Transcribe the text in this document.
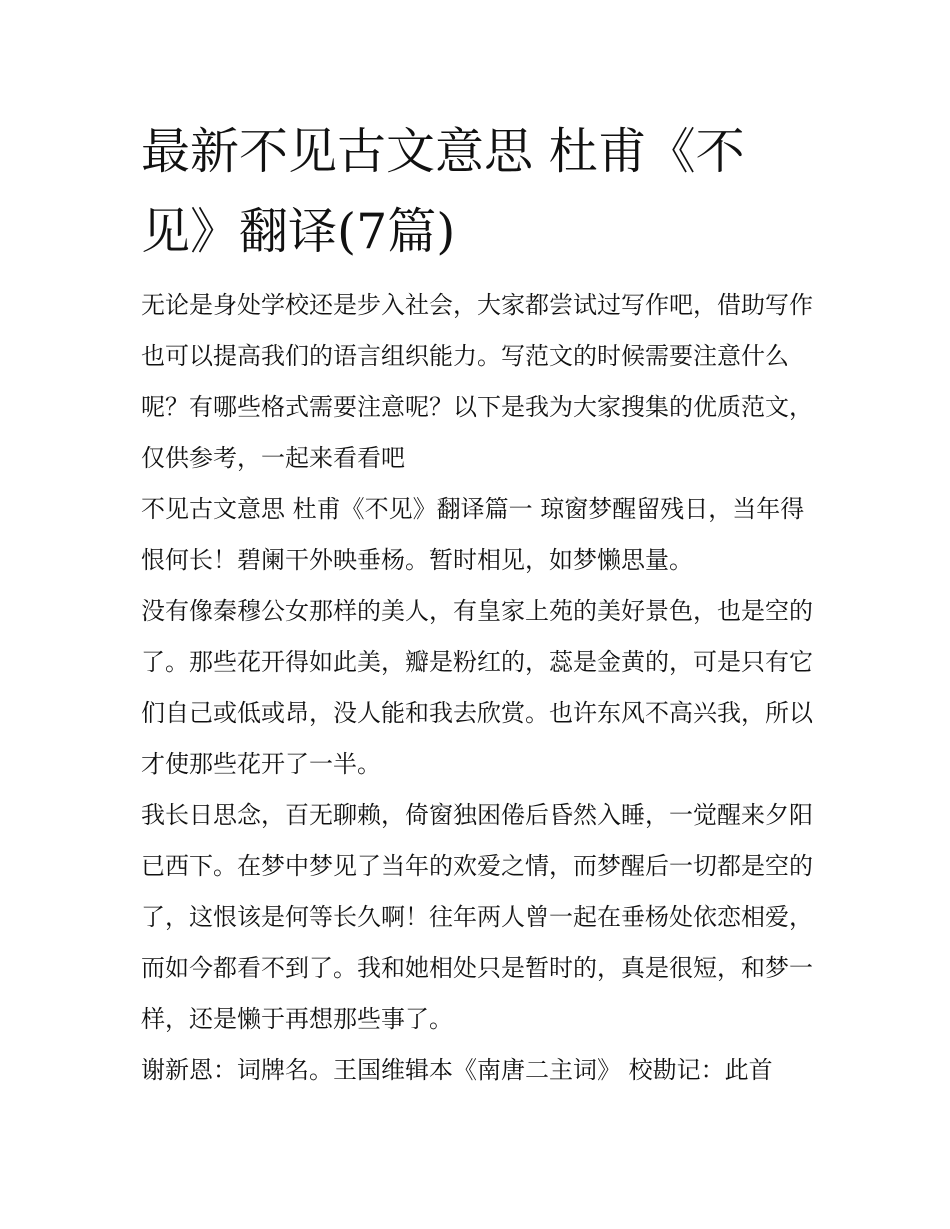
最新不见古文意思 杜甫《不见》翻译(7篇)

无论是身处学校还是步入社会，大家都尝试过写作吧，借助写作也可以提高我们的语言组织能力。写范文的时候需要注意什么呢？有哪些格式需要注意呢？以下是我为大家搜集的优质范文，仅供参考，一起来看看吧

不见古文意思 杜甫《不见》翻译篇一 琼窗梦醒留残日，当年得恨何长！碧阑干外映垂杨。暂时相见，如梦懒思量。

没有像秦穆公女那样的美人，有皇家上苑的美好景色，也是空的了。那些花开得如此美，瓣是粉红的，蕊是金黄的，可是只有它们自己或低或昂，没人能和我去欣赏。也许东风不高兴我，所以才使那些花开了一半。

我长日思念，百无聊赖，倚窗独困倦后昏然入睡，一觉醒来夕阳已西下。在梦中梦见了当年的欢爱之情，而梦醒后一切都是空的了，这恨该是何等长久啊！往年两人曾一起在垂杨处依恋相爱，而如今都看不到了。我和她相处只是暂时的，真是很短，和梦一样，还是懒于再想那些事了。

谢新恩：词牌名。王国维辑本《南唐二主词》 校勘记：此首
